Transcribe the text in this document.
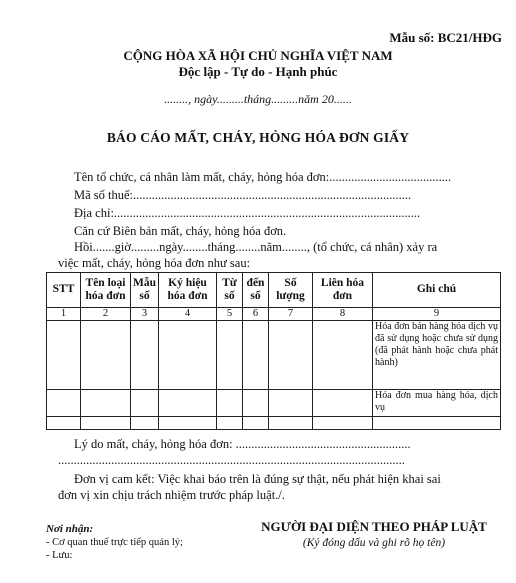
Mẫu số: BC21/HĐG
CỘNG HÒA XÃ HỘI CHỦ NGHĨA VIỆT NAM
Độc lập - Tự do - Hạnh phúc
........, ngày.........tháng.........năm 20......
BÁO CÁO MẤT, CHÁY, HỎNG HÓA ĐƠN GIẤY
Tên tổ chức, cá nhân làm mất, cháy, hỏng hóa đơn:.......................................
Mã số thuế:.........................................................................................
Địa chỉ:..................................................................................................
Căn cứ Biên bản mất, cháy, hỏng hóa đơn.
Hồi.......giờ.........ngày........tháng........năm........, (tổ chức, cá nhân) xảy ra
việc mất, cháy, hỏng hóa đơn như sau:
STT	Tên loại hóa đơn	Mẫu số	Ký hiệu hóa đơn	Từ số	đến số	Số lượng	Liên hóa đơn	Ghi chú
1	2	3	4	5	6	7	8	9
								Hóa đơn bán hàng hóa dịch vụ đã sử dụng hoặc chưa sử dụng (đã phát hành hoặc chưa phát hành)
								Hóa đơn mua hàng hóa, dịch vụ

Lý do mất, cháy, hỏng hóa đơn: ........................................................
...............................................................................................................
Đơn vị cam kết: Việc khai báo trên là đúng sự thật, nếu phát hiện khai sai
đơn vị xin chịu trách nhiệm trước pháp luật./.
Nơi nhận:
- Cơ quan thuế trực tiếp quản lý;
- Lưu:
NGƯỜI ĐẠI DIỆN THEO PHÁP LUẬT
(Ký đóng dấu và ghi rõ họ tên)
